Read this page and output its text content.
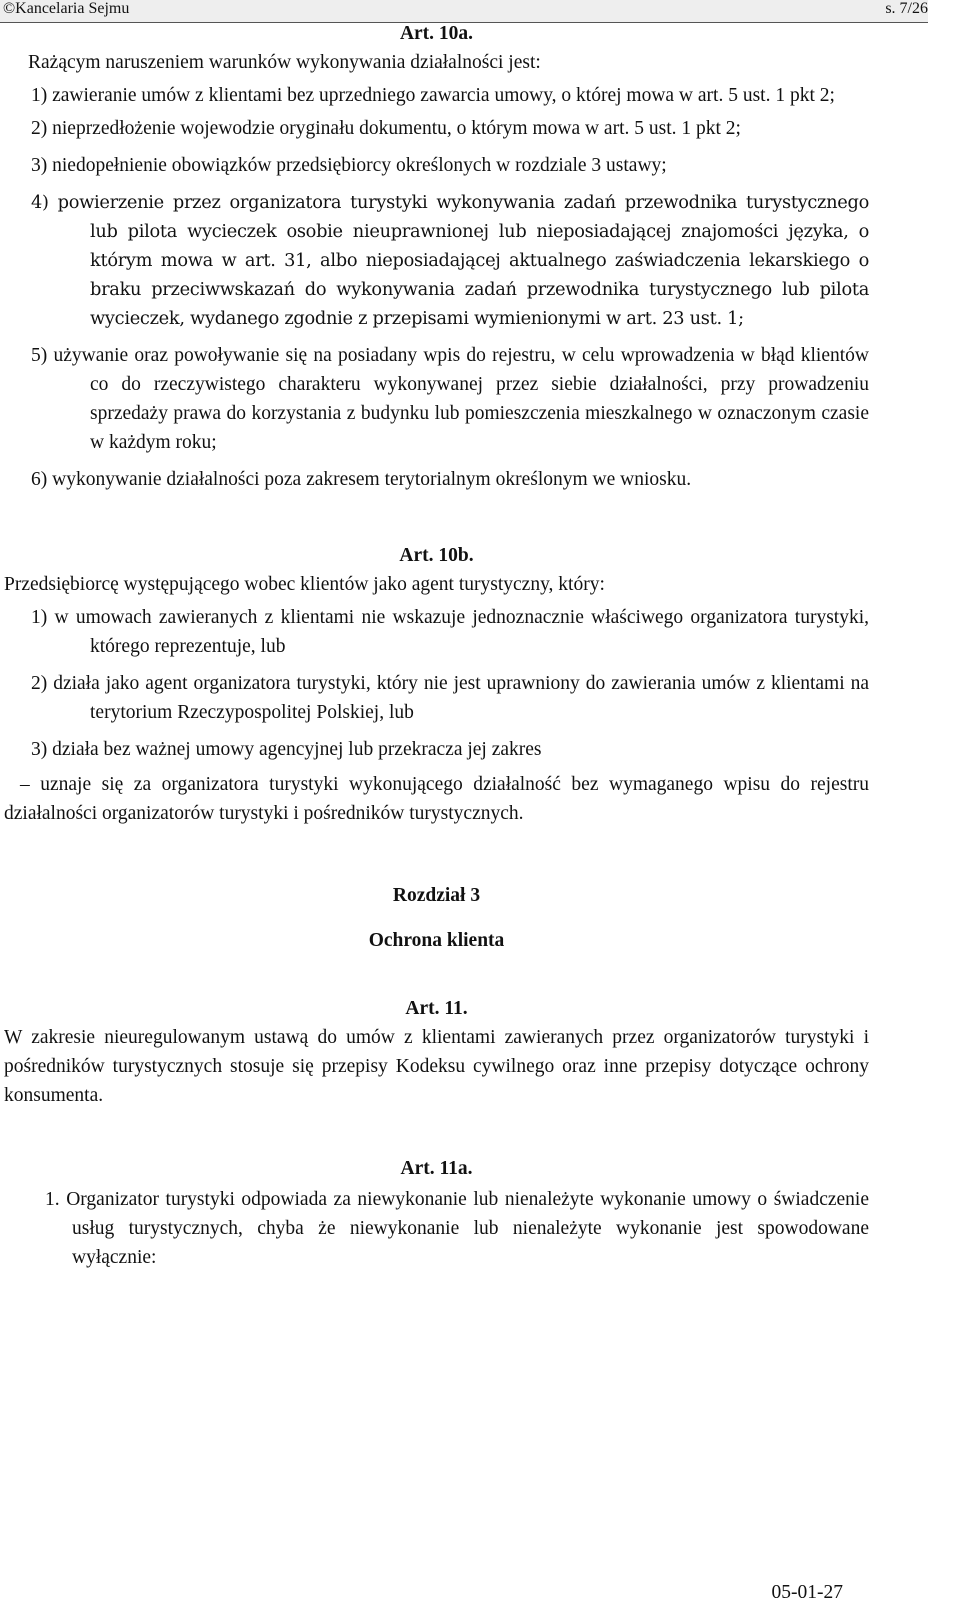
©Kancelaria Sejmu	s. 7/26

Art. 10a.

Rażącym naruszeniem warunków wykonywania działalności jest:

1) zawieranie umów z klientami bez uprzedniego zawarcia umowy, o której mowa w art. 5 ust. 1 pkt 2;

2) nieprzedłożenie wojewodzie oryginału dokumentu, o którym mowa w art. 5 ust. 1 pkt 2;

3) niedopełnienie obowiązków przedsiębiorcy określonych w rozdziale 3 ustawy;

4) powierzenie przez organizatora turystyki wykonywania zadań przewodnika turystycznego lub pilota wycieczek osobie nieuprawnionej lub nieposiadającej znajomości języka, o którym mowa w art. 31, albo nieposiadającej aktualnego zaświadczenia lekarskiego o braku przeciwwskazań do wykonywania zadań przewodnika turystycznego lub pilota wycieczek, wydanego zgodnie z przepisami wymienionymi w art. 23 ust. 1;

5) używanie oraz powoływanie się na posiadany wpis do rejestru, w celu wprowadzenia w błąd klientów co do rzeczywistego charakteru wykonywanej przez siebie działalności, przy prowadzeniu sprzedaży prawa do korzystania z budynku lub pomieszczenia mieszkalnego w oznaczonym czasie w każdym roku;

6) wykonywanie działalności poza zakresem terytorialnym określonym we wniosku.

Art. 10b.

Przedsiębiorcę występującego wobec klientów jako agent turystyczny, który:

1) w umowach zawieranych z klientami nie wskazuje jednoznacznie właściwego organizatora turystyki, którego reprezentuje, lub

2) działa jako agent organizatora turystyki, który nie jest uprawniony do zawierania umów z klientami na terytorium Rzeczypospolitej Polskiej, lub

3) działa bez ważnej umowy agencyjnej lub przekracza jej zakres

– uznaje się za organizatora turystyki wykonującego działalność bez wymaganego wpisu do rejestru działalności organizatorów turystyki i pośredników turystycznych.

Rozdział 3

Ochrona klienta

Art. 11.

W zakresie nieuregulowanym ustawą do umów z klientami zawieranych przez organizatorów turystyki i pośredników turystycznych stosuje się przepisy Kodeksu cywilnego oraz inne przepisy dotyczące ochrony konsumenta.

Art. 11a.

1. Organizator turystyki odpowiada za niewykonanie lub nienależyte wykonanie umowy o świadczenie usług turystycznych, chyba że niewykonanie lub nienależyte wykonanie jest spowodowane wyłącznie:

05-01-27
